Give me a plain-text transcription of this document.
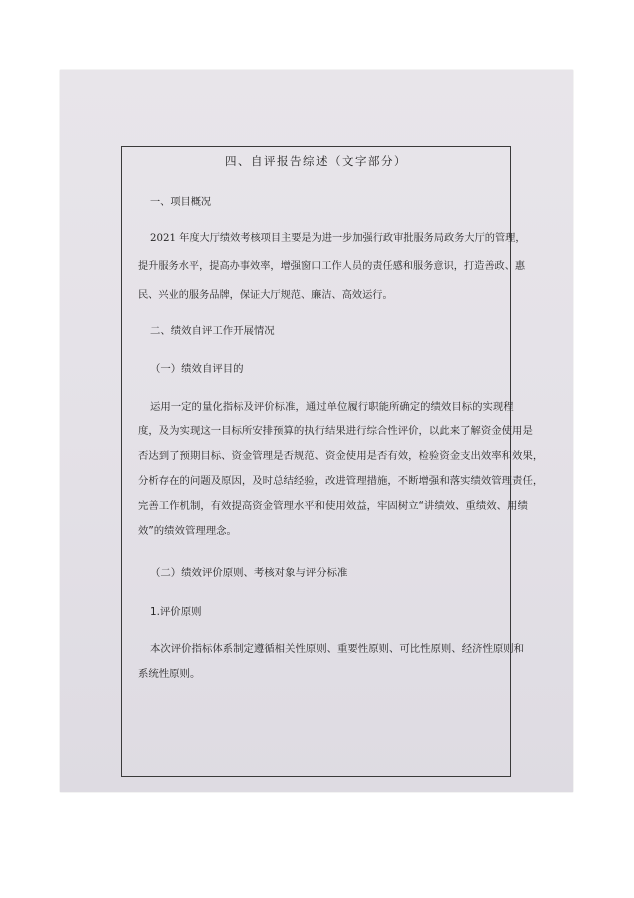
四、自评报告综述（文字部分）
一、项目概况
2021 年度大厅绩效考核项目主要是为进一步加强行政审批服务局政务大厅的管理，
提升服务水平，提高办事效率，增强窗口工作人员的责任感和服务意识，打造善政、惠
民、兴业的服务品牌，保证大厅规范、廉洁、高效运行。
二、绩效自评工作开展情况
（一）绩效自评目的
运用一定的量化指标及评价标准，通过单位履行职能所确定的绩效目标的实现程
度，及为实现这一目标所安排预算的执行结果进行综合性评价，以此来了解资金使用是
否达到了预期目标、资金管理是否规范、资金使用是否有效，检验资金支出效率和效果，
分析存在的问题及原因，及时总结经验，改进管理措施，不断增强和落实绩效管理责任，
完善工作机制，有效提高资金管理水平和使用效益，牢固树立“讲绩效、重绩效、用绩
效”的绩效管理理念。
（二）绩效评价原则、考核对象与评分标准
1.评价原则
本次评价指标体系制定遵循相关性原则、重要性原则、可比性原则、经济性原则和
系统性原则。
